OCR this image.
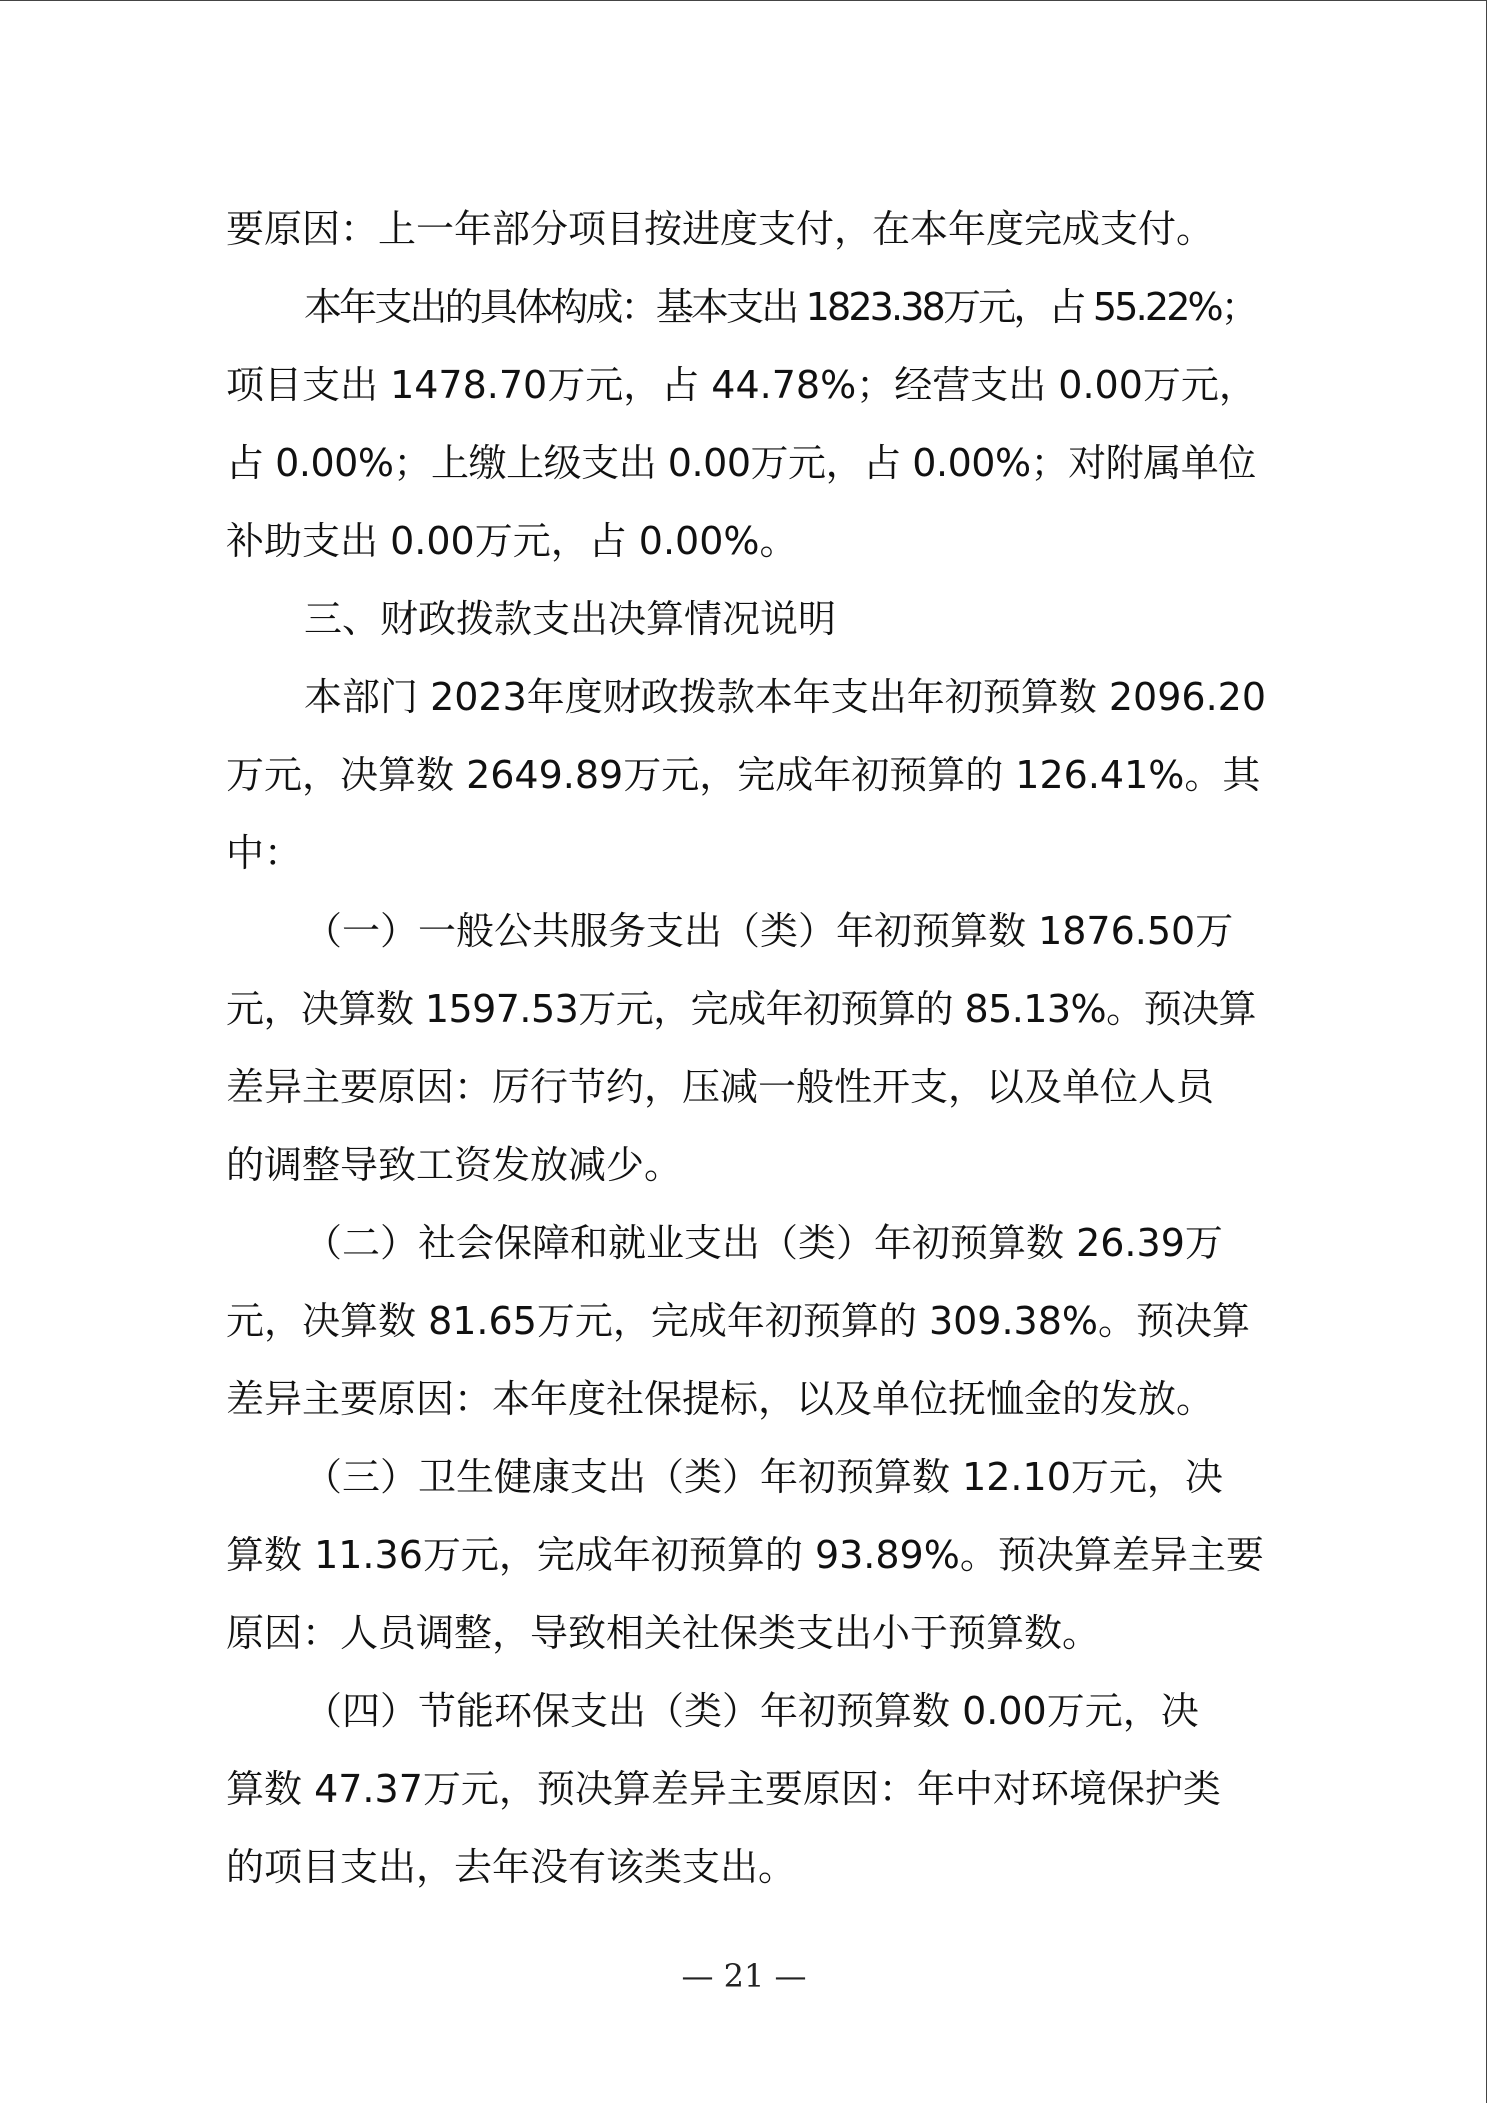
要原因：上一年部分项目按进度支付，在本年度完成支付。
本年支出的具体构成：基本支出 1823.38万元，占 55.22%；
项目支出 1478.70万元，占 44.78%；经营支出 0.00万元，
占 0.00%；上缴上级支出 0.00万元，占 0.00%；对附属单位
补助支出 0.00万元，占 0.00%。
三、财政拨款支出决算情况说明
本部门 2023年度财政拨款本年支出年初预算数 2096.20
万元，决算数 2649.89万元，完成年初预算的 126.41%。其
中：
（一）一般公共服务支出（类）年初预算数 1876.50万
元，决算数 1597.53万元，完成年初预算的 85.13%。预决算
差异主要原因：厉行节约，压减一般性开支，以及单位人员
的调整导致工资发放减少。
（二）社会保障和就业支出（类）年初预算数 26.39万
元，决算数 81.65万元，完成年初预算的 309.38%。预决算
差异主要原因：本年度社保提标，以及单位抚恤金的发放。
（三）卫生健康支出（类）年初预算数 12.10万元，决
算数 11.36万元，完成年初预算的 93.89%。预决算差异主要
原因：人员调整，导致相关社保类支出小于预算数。
（四）节能环保支出（类）年初预算数 0.00万元，决
算数 47.37万元，预决算差异主要原因：年中对环境保护类
的项目支出，去年没有该类支出。
— 21 —
